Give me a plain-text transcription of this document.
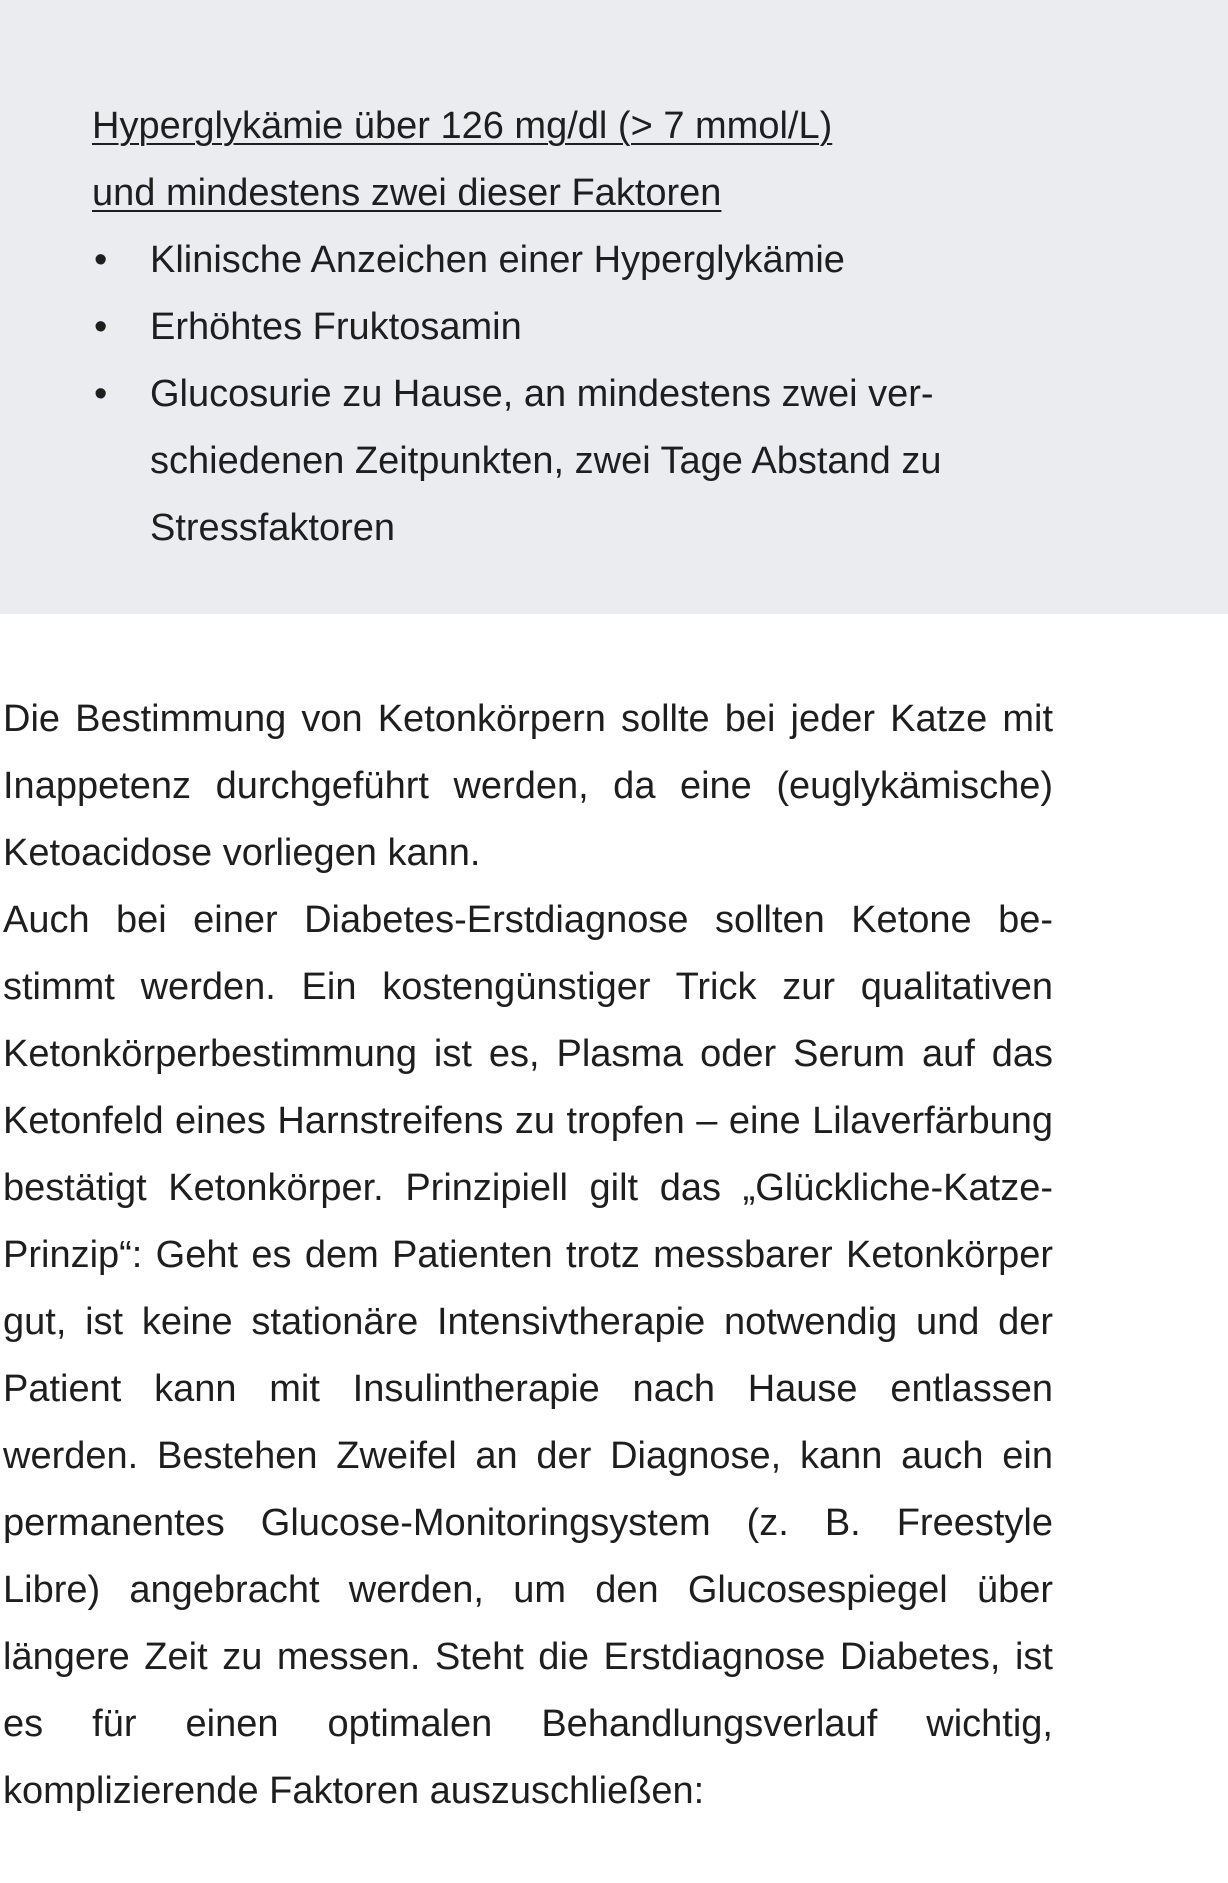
Hyperglykämie über 126 mg/dl (> 7 mmol/L)

und mindestens zwei dieser Faktoren

• Klinische Anzeichen einer Hyperglykämie
• Erhöhtes Fruktosamin
• Glucosurie zu Hause, an mindestens zwei verschiedenen Zeitpunkten, zwei Tage Abstand zu Stressfaktoren

Die Bestimmung von Ketonkörpern sollte bei jeder Katze mit Inappetenz durchgeführt werden, da eine (euglykämische) Ketoacidose vorliegen kann.

Auch bei einer Diabetes-Erstdiagnose sollten Ketone bestimmt werden. Ein kostengünstiger Trick zur qualitativen Ketonkörperbestimmung ist es, Plasma oder Serum auf das Ketonfeld eines Harnstreifens zu tropfen – eine Lilaverfärbung bestätigt Ketonkörper. Prinzipiell gilt das „Glückliche-Katze-Prinzip“: Geht es dem Patienten trotz messbarer Ketonkörper gut, ist keine stationäre Intensivtherapie notwendig und der Patient kann mit Insulintherapie nach Hause entlassen werden. Bestehen Zweifel an der Diagnose, kann auch ein permanentes Glucose-Monitoringsystem (z. B. Freestyle Libre) angebracht werden, um den Glucosespiegel über längere Zeit zu messen. Steht die Erstdiagnose Diabetes, ist es für einen optimalen Behandlungsverlauf wichtig, komplizierende Faktoren auszuschließen:
